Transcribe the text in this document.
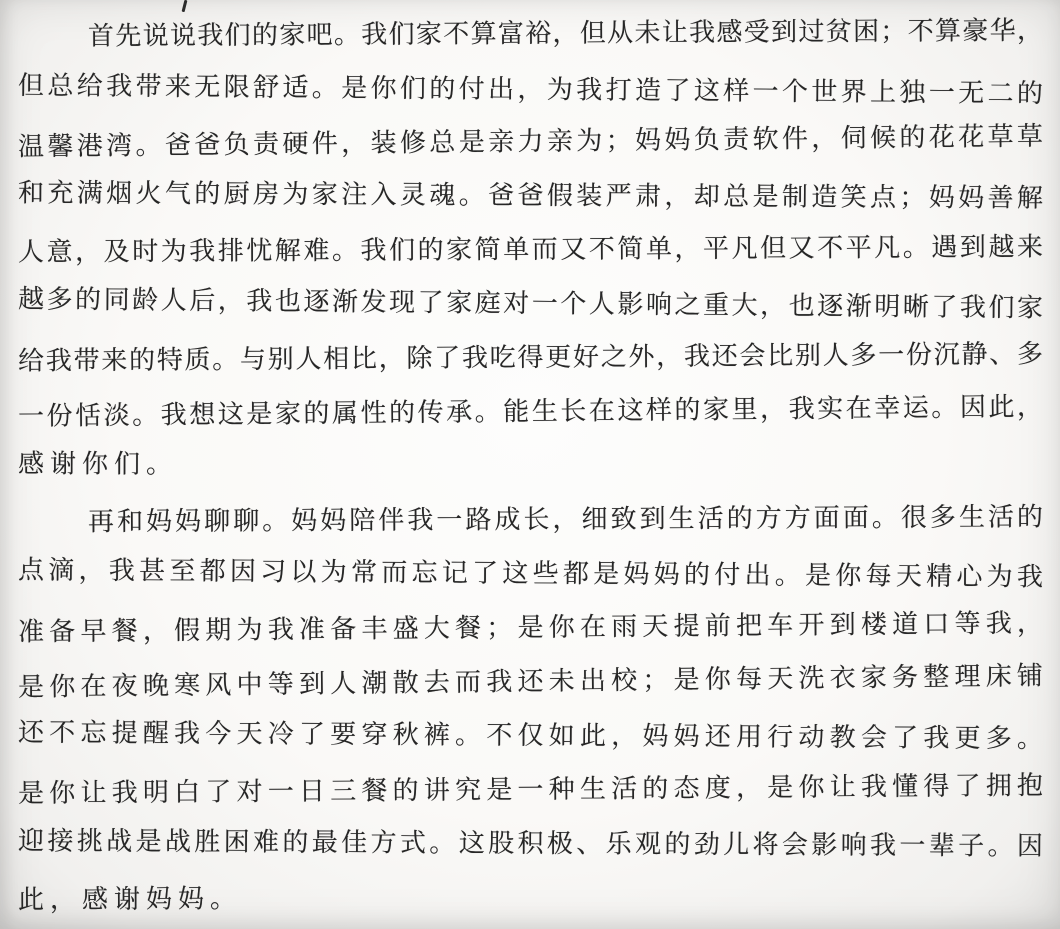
首先说说我们的家吧。我们家不算富裕，但从未让我感受到过贫困；不算豪华，
但总给我带来无限舒适。是你们的付出，为我打造了这样一个世界上独一无二的
温馨港湾。爸爸负责硬件，装修总是亲力亲为；妈妈负责软件，伺候的花花草草
和充满烟火气的厨房为家注入灵魂。爸爸假装严肃，却总是制造笑点；妈妈善解
人意，及时为我排忧解难。我们的家简单而又不简单，平凡但又不平凡。遇到越来
越多的同龄人后，我也逐渐发现了家庭对一个人影响之重大，也逐渐明晰了我们家
给我带来的特质。与别人相比，除了我吃得更好之外，我还会比别人多一份沉静、多
一份恬淡。我想这是家的属性的传承。能生长在这样的家里，我实在幸运。因此，
感谢你们。
再和妈妈聊聊。妈妈陪伴我一路成长，细致到生活的方方面面。很多生活的
点滴，我甚至都因习以为常而忘记了这些都是妈妈的付出。是你每天精心为我
准备早餐，假期为我准备丰盛大餐；是你在雨天提前把车开到楼道口等我，
是你在夜晚寒风中等到人潮散去而我还未出校；是你每天洗衣家务整理床铺
还不忘提醒我今天冷了要穿秋裤。不仅如此，妈妈还用行动教会了我更多。
是你让我明白了对一日三餐的讲究是一种生活的态度，是你让我懂得了拥抱
迎接挑战是战胜困难的最佳方式。这股积极、乐观的劲儿将会影响我一辈子。因
此，感谢妈妈。
